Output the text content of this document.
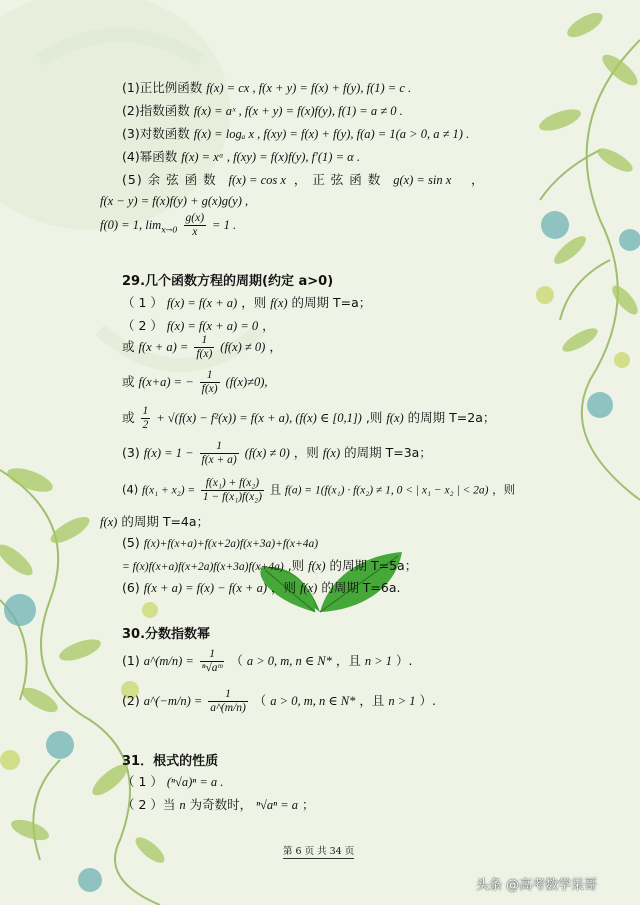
(1)正比例函数 f(x) = cx , f(x + y) = f(x) + f(y), f(1) = c .
(2)指数函数 f(x) = aˣ , f(x + y) = f(x)f(y), f(1) = a ≠ 0 .
(3)对数函数 f(x) = logₐ x , f(xy) = f(x) + f(y), f(a) = 1(a > 0, a ≠ 1) .
(4)幂函数 f(x) = xᵅ , f(xy) = f(x)f(y), f′(1) = α .
(5) 余 弦 函 数 f(x) = cos x ， 正 弦 函 数 g(x) = sin x ，
f(x − y) = f(x)f(y) + g(x)g(y) ,
f(0) = 1, $\lim_{x\to 0} \frac{g(x)}{x} = 1$ .
29.几个函数方程的周期(约定 a>0)
（ 1 ） f(x) = f(x + a) ，则 f(x) 的周期 T=a；
（ 2 ） f(x) = f(x + a) = 0 ，
或 $f(x + a) = \frac{1}{f(x)} (f(x) \ne 0)$ ，
或 f(x+a) = − $\frac{1}{f(x)} (f(x)\ne 0)$,
或 $\frac{1}{2} + √(f(x) - f^2(x)) = f(x + a)$, (f(x) ∈ [0,1]) ,则 f(x) 的周期 T=2a；
(3) $f(x) = 1 - \frac{1}{f(x + a)} (f(x) \ne 0)$ ，则 f(x) 的周期 T=3a；
(4) $f(x_1 + x_2) = \frac{\text{f(x₁) + f(x₂)}}{\text{1 − f(x₁)f(x₂)}}$ 且 f(a) = 1(f(x₁) · f(x₂) ≠ 1, 0 < | x₁ − x₂ | < 2a) ，则
f(x) 的周期 T=4a；
(5) f(x)+f(x+a)+f(x+2a)f(x+3a)+f(x+4a)
= f(x)f(x+a)f(x+2a)f(x+3a)f(x+4a) ,则 f(x) 的周期 T=5a；
(6) f(x + a) = f(x) − f(x + a) ，则 f(x) 的周期 T=6a.
30.分数指数幂
(1) a^(m/n) = $\frac{1}{\text{ⁿ√aᵐ}}$ （ a > 0, m, n ∈ N* ，且 n > 1 ）.
(2) a^(−m/n) = $\frac{1}{a\^{}(m/n)}$ （ a > 0, m, n ∈ N* ，且 n > 1 ）.
31．根式的性质
（ 1 ） (ⁿ√a)ⁿ = a .
（ 2 ）当 n 为奇数时， ⁿ√aⁿ = a ；
第 6 页 共 34 页
头条 @高考数学呆哥
